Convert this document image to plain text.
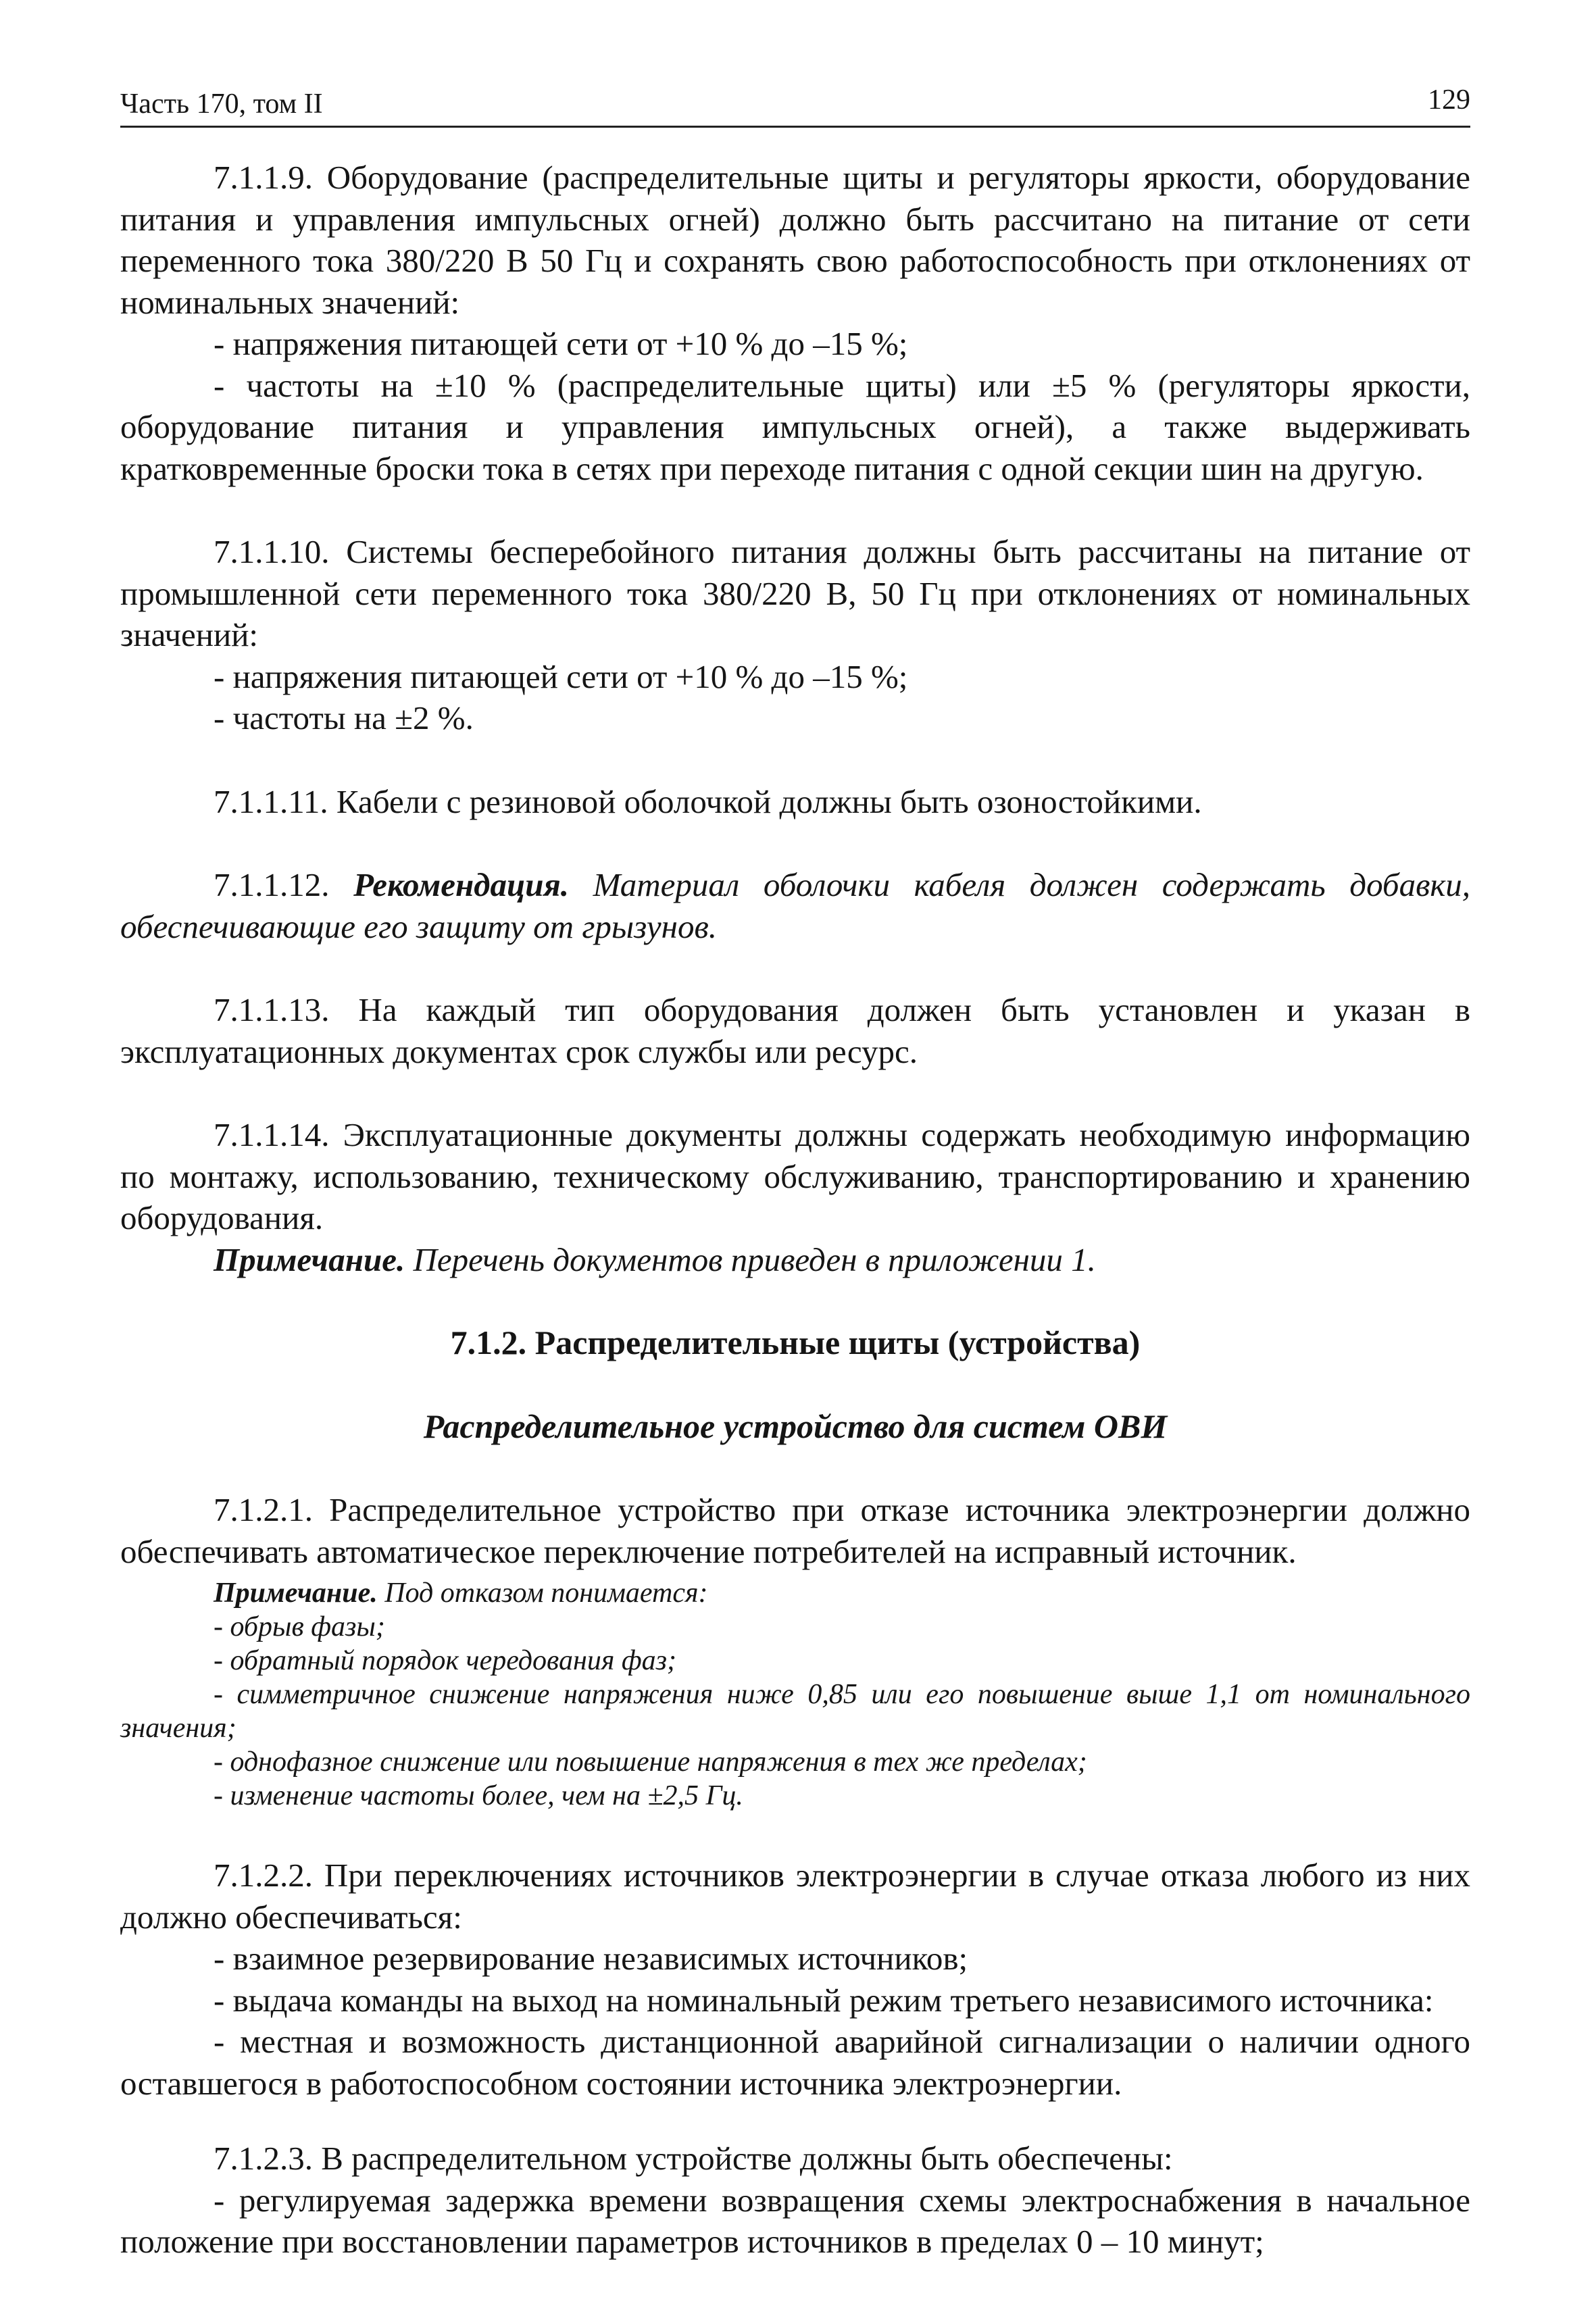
Часть 170, том II	129

7.1.1.9. Оборудование (распределительные щиты и регуляторы яркости, оборудование питания и управления импульсных огней) должно быть рассчитано на питание от сети переменного тока 380/220 В 50 Гц и сохранять свою работоспособность при отклонениях от номинальных значений:

- напряжения питающей сети от +10 % до –15 %;

- частоты на ±10 % (распределительные щиты) или ±5 % (регуляторы яркости, оборудование питания и управления импульсных огней), а также выдерживать кратковременные броски тока в сетях при переходе питания с одной секции шин на другую.

7.1.1.10. Системы бесперебойного питания должны быть рассчитаны на питание от промышленной сети переменного тока 380/220 В, 50 Гц при отклонениях от номинальных значений:

- напряжения питающей сети от +10 % до –15 %;

- частоты на ±2 %.

7.1.1.11. Кабели с резиновой оболочкой должны быть озоностойкими.

7.1.1.12. Рекомендация. Материал оболочки кабеля должен содержать добавки, обеспечивающие его защиту от грызунов.

7.1.1.13. На каждый тип оборудования должен быть установлен и указан в эксплуатационных документах срок службы или ресурс.

7.1.1.14. Эксплуатационные документы должны содержать необходимую информацию по монтажу, использованию, техническому обслуживанию, транспортированию и хранению оборудования.

Примечание. Перечень документов приведен в приложении 1.

7.1.2. Распределительные щиты (устройства)

Распределительное устройство для систем ОВИ

7.1.2.1. Распределительное устройство при отказе источника электроэнергии должно обеспечивать автоматическое переключение потребителей на исправный источник.

Примечание. Под отказом понимается:

- обрыв фазы;

- обратный порядок чередования фаз;

- симметричное снижение напряжения ниже 0,85 или его повышение выше 1,1 от номинального значения;

- однофазное снижение или повышение напряжения в тех же пределах;

- изменение частоты более, чем на ±2,5 Гц.

7.1.2.2. При переключениях источников электроэнергии в случае отказа любого из них должно обеспечиваться:

- взаимное резервирование независимых источников;

- выдача команды на выход на номинальный режим третьего независимого источника:

- местная и возможность дистанционной аварийной сигнализации о наличии одного оставшегося в работоспособном состоянии источника электроэнергии.

7.1.2.3. В распределительном устройстве должны быть обеспечены:

- регулируемая задержка времени возвращения схемы электроснабжения в начальное положение при восстановлении параметров источников в пределах 0 – 10 минут;
